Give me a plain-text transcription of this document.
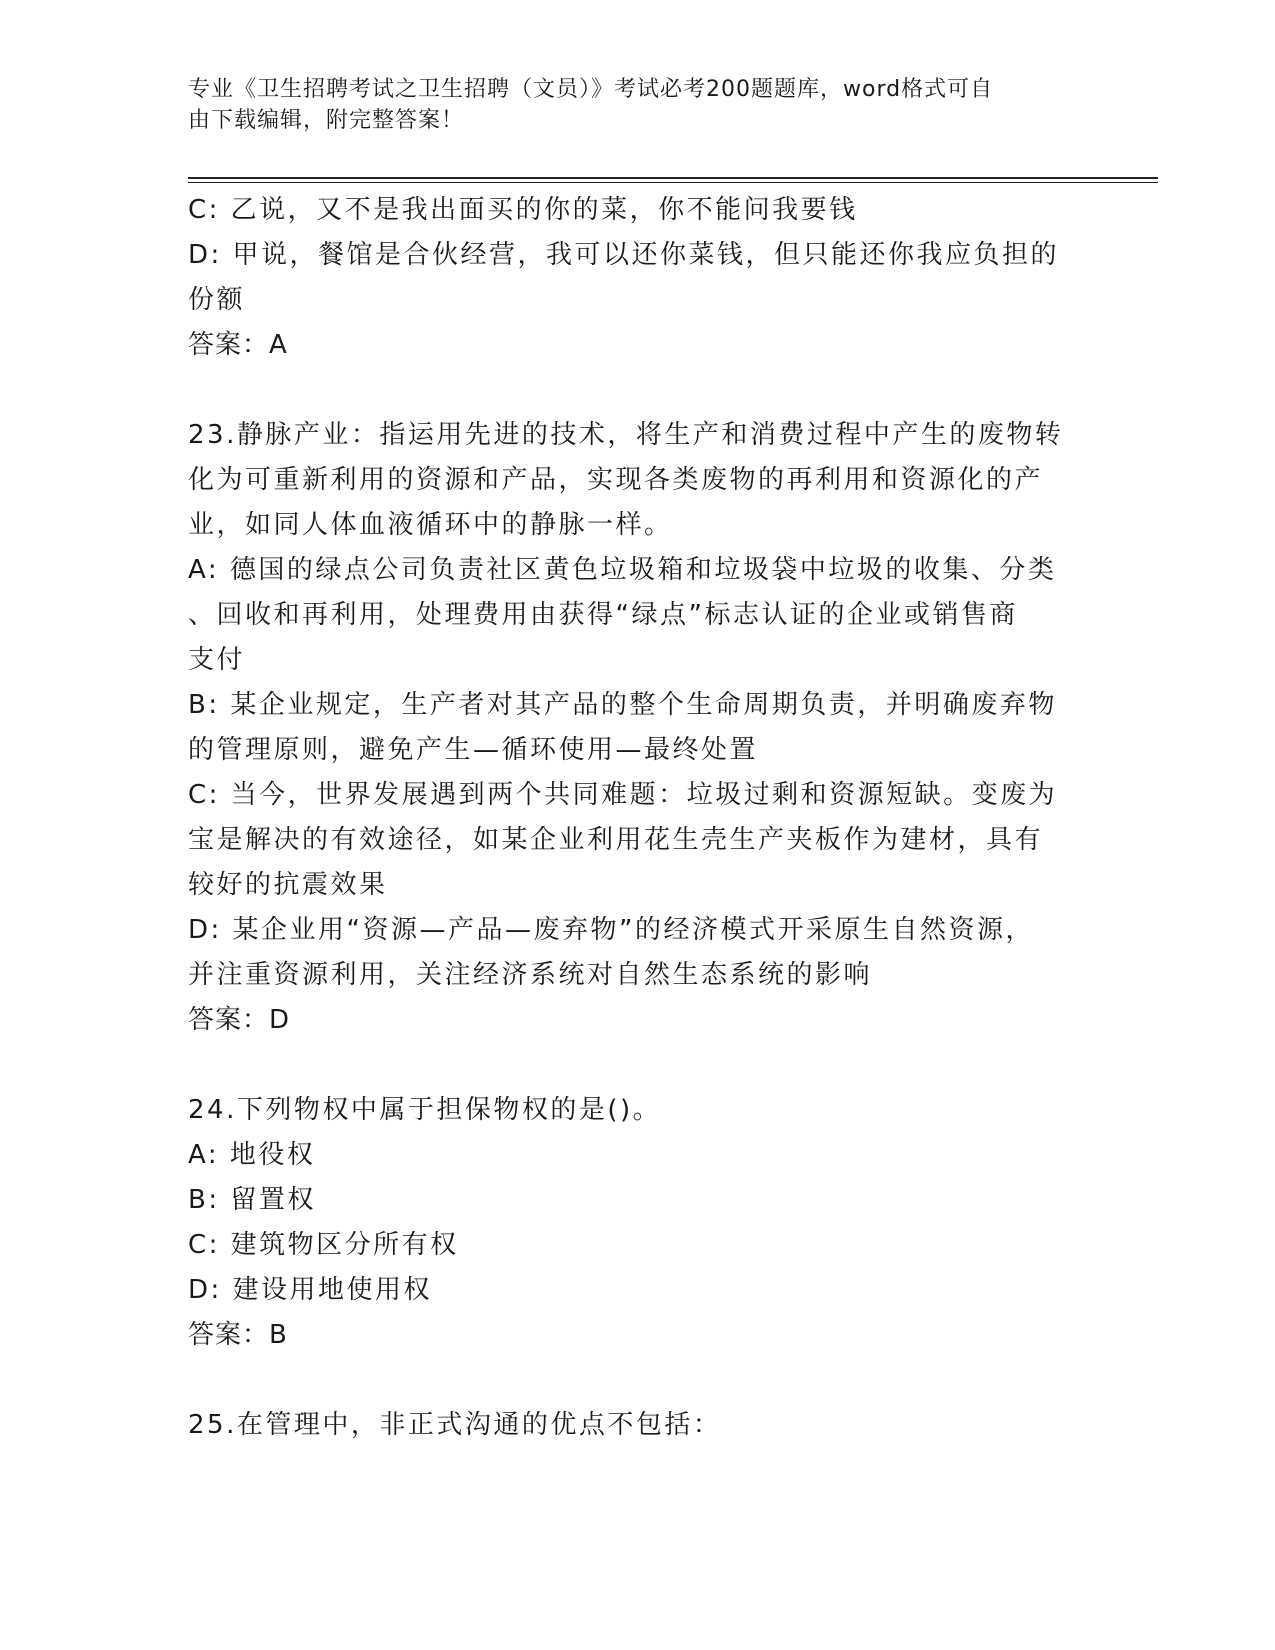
专业《卫生招聘考试之卫生招聘（文员）》考试必考200题题库，word格式可自
由下载编辑，附完整答案！
C: 乙说，又不是我出面买的你的菜，你不能问我要钱
D: 甲说，餐馆是合伙经营，我可以还你菜钱，但只能还你我应负担的
份额
答案：A
23.静脉产业：指运用先进的技术，将生产和消费过程中产生的废物转
化为可重新利用的资源和产品，实现各类废物的再利用和资源化的产
业，如同人体血液循环中的静脉一样。
A: 德国的绿点公司负责社区黄色垃圾箱和垃圾袋中垃圾的收集、分类
、回收和再利用，处理费用由获得“绿点”标志认证的企业或销售商
支付
B: 某企业规定，生产者对其产品的整个生命周期负责，并明确废弃物
的管理原则，避免产生—循环使用—最终处置
C: 当今，世界发展遇到两个共同难题：垃圾过剩和资源短缺。变废为
宝是解决的有效途径，如某企业利用花生壳生产夹板作为建材，具有
较好的抗震效果
D: 某企业用“资源—产品—废弃物”的经济模式开采原生自然资源，
并注重资源利用，关注经济系统对自然生态系统的影响
答案：D
24.下列物权中属于担保物权的是()。
A: 地役权
B: 留置权
C: 建筑物区分所有权
D: 建设用地使用权
答案：B
25.在管理中，非正式沟通的优点不包括：
